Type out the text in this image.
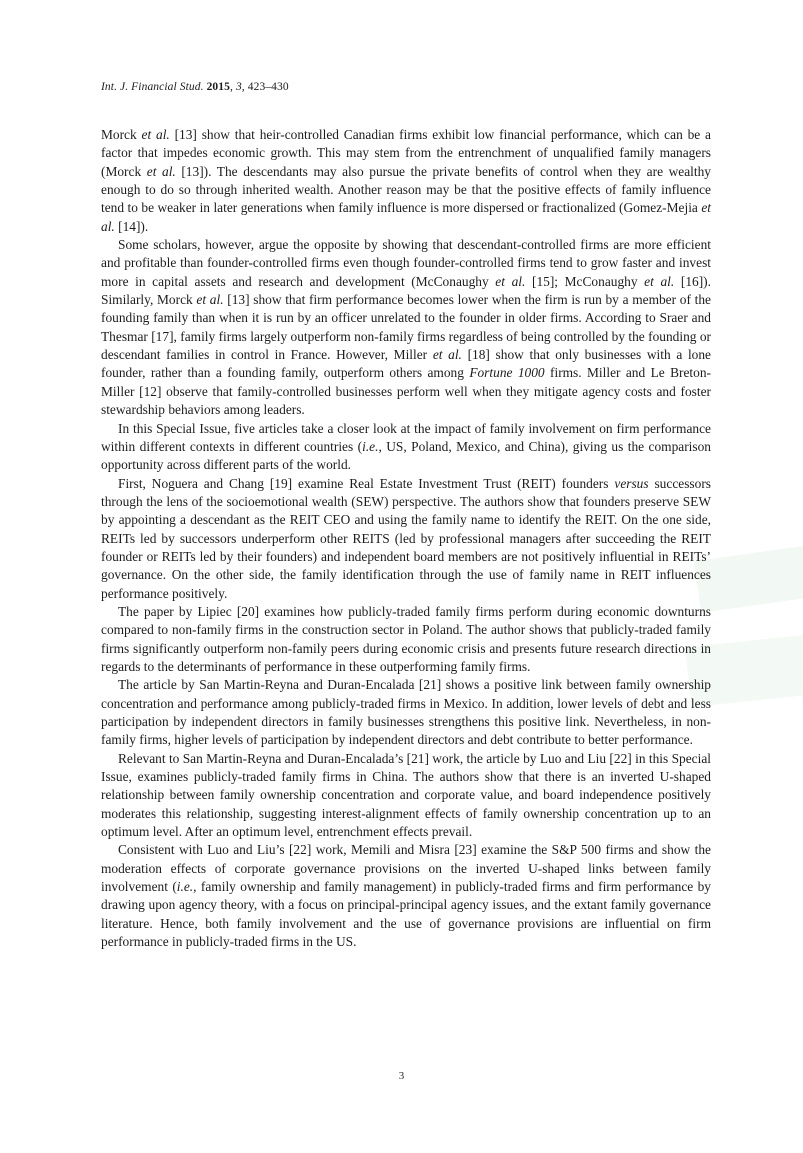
Int. J. Financial Stud. 2015, 3, 423–430

Morck et al. [13] show that heir-controlled Canadian firms exhibit low financial performance, which can be a factor that impedes economic growth. This may stem from the entrenchment of unqualified family managers (Morck et al. [13]). The descendants may also pursue the private benefits of control when they are wealthy enough to do so through inherited wealth. Another reason may be that the positive effects of family influence tend to be weaker in later generations when family influence is more dispersed or fractionalized (Gomez-Mejia et al. [14]).

Some scholars, however, argue the opposite by showing that descendant-controlled firms are more efficient and profitable than founder-controlled firms even though founder-controlled firms tend to grow faster and invest more in capital assets and research and development (McConaughy et al. [15]; McConaughy et al. [16]). Similarly, Morck et al. [13] show that firm performance becomes lower when the firm is run by a member of the founding family than when it is run by an officer unrelated to the founder in older firms. According to Sraer and Thesmar [17], family firms largely outperform non-family firms regardless of being controlled by the founding or descendant families in control in France. However, Miller et al. [18] show that only businesses with a lone founder, rather than a founding family, outperform others among Fortune 1000 firms. Miller and Le Breton-Miller [12] observe that family-controlled businesses perform well when they mitigate agency costs and foster stewardship behaviors among leaders.

In this Special Issue, five articles take a closer look at the impact of family involvement on firm performance within different contexts in different countries (i.e., US, Poland, Mexico, and China), giving us the comparison opportunity across different parts of the world.

First, Noguera and Chang [19] examine Real Estate Investment Trust (REIT) founders versus successors through the lens of the socioemotional wealth (SEW) perspective. The authors show that founders preserve SEW by appointing a descendant as the REIT CEO and using the family name to identify the REIT. On the one side, REITs led by successors underperform other REITS (led by professional managers after succeeding the REIT founder or REITs led by their founders) and independent board members are not positively influential in REITs’ governance. On the other side, the family identification through the use of family name in REIT influences performance positively.

The paper by Lipiec [20] examines how publicly-traded family firms perform during economic downturns compared to non-family firms in the construction sector in Poland. The author shows that publicly-traded family firms significantly outperform non-family peers during economic crisis and presents future research directions in regards to the determinants of performance in these outperforming family firms.

The article by San Martin-Reyna and Duran-Encalada [21] shows a positive link between family ownership concentration and performance among publicly-traded firms in Mexico. In addition, lower levels of debt and less participation by independent directors in family businesses strengthens this positive link. Nevertheless, in non-family firms, higher levels of participation by independent directors and debt contribute to better performance.

Relevant to San Martin-Reyna and Duran-Encalada’s [21] work, the article by Luo and Liu [22] in this Special Issue, examines publicly-traded family firms in China. The authors show that there is an inverted U-shaped relationship between family ownership concentration and corporate value, and board independence positively moderates this relationship, suggesting interest-alignment effects of family ownership concentration up to an optimum level. After an optimum level, entrenchment effects prevail.

Consistent with Luo and Liu’s [22] work, Memili and Misra [23] examine the S&P 500 firms and show the moderation effects of corporate governance provisions on the inverted U-shaped links between family involvement (i.e., family ownership and family management) in publicly-traded firms and firm performance by drawing upon agency theory, with a focus on principal-principal agency issues, and the extant family governance literature. Hence, both family involvement and the use of governance provisions are influential on firm performance in publicly-traded firms in the US.

3
